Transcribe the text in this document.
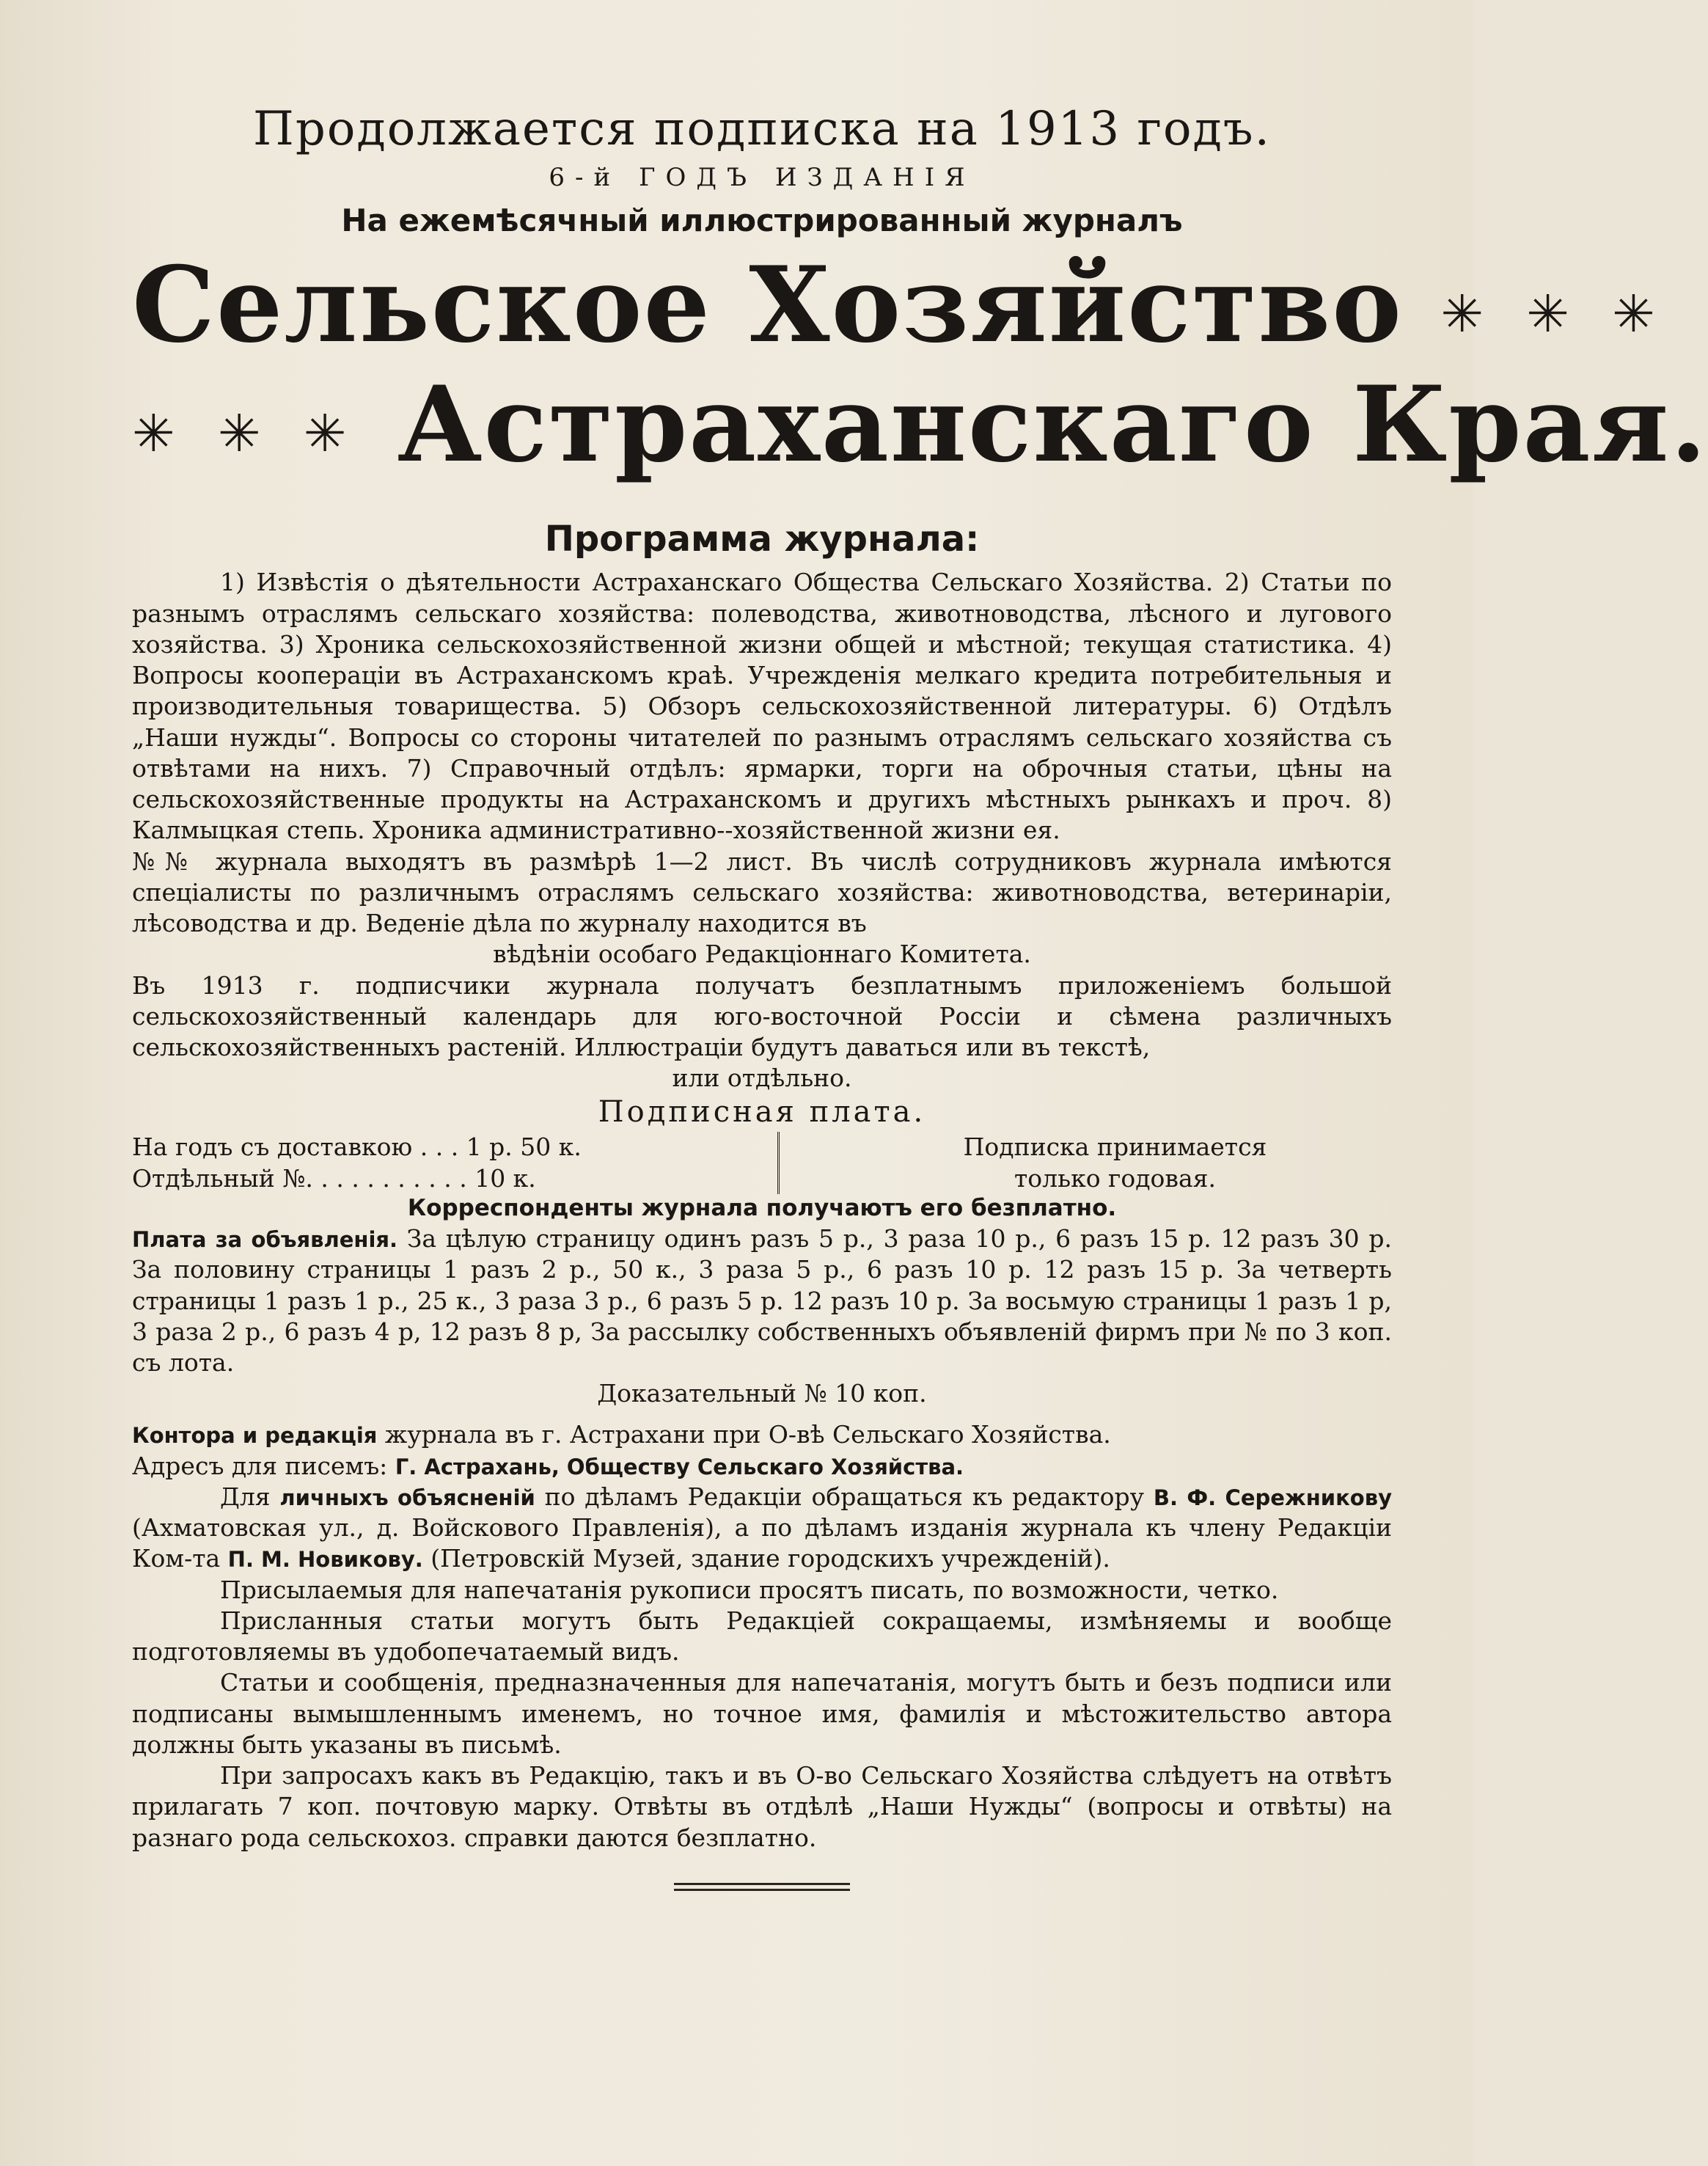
Продолжается подписка на 1913 годъ.

6-й ГОДЪ ИЗДАНІЯ

На ежемѣсячный иллюстрированный журналъ

Сельское Хозяйство ✳ ✳ ✳
✳ ✳ ✳ Астраханскаго Края.

Программа журнала:

1) Извѣстія о дѣятельности Астраханскаго Общества Сельскаго Хозяйства. 2) Статьи по разнымъ отраслямъ сельскаго хозяйства: полеводства, животноводства, лѣсного и лугового хозяйства. 3) Хроника сельскохозяйственной жизни общей и мѣстной; текущая статистика. 4) Вопросы коопераціи въ Астраханскомъ краѣ. Учрежденія мелкаго кредита потребительныя и производительныя товарищества. 5) Обзоръ сельскохозяйственной литературы. 6) Отдѣлъ „Наши нужды“. Вопросы со стороны читателей по разнымъ отраслямъ сельскаго хозяйства съ отвѣтами на нихъ. 7) Справочный отдѣлъ: ярмарки, торги на оброчныя статьи, цѣны на сельскохозяйственные продукты на Астраханскомъ и другихъ мѣстныхъ рынкахъ и проч. 8) Калмыцкая степь. Хроника административно--хозяйственной жизни ея.

№№ журнала выходятъ въ размѣрѣ 1—2 лист. Въ числѣ сотрудниковъ журнала имѣются спеціалисты по различнымъ отраслямъ сельскаго хозяйства: животноводства, ветеринаріи, лѣсоводства и др. Веденіе дѣла по журналу находится въ

вѣдѣніи особаго Редакціоннаго Комитета.

Въ 1913 г. подписчики журнала получатъ безплатнымъ приложеніемъ большой сельскохозяйственный календарь для юго-восточной Россіи и сѣмена различныхъ сельскохозяйственныхъ растеній. Иллюстраціи будутъ даваться или въ текстѣ,

или отдѣльно.

Подписная плата.

На годъ съ доставкою . . . 1 р. 50 к.
Отдѣльный №. . . . . . . . . . . 10 к.
Подписка принимается
только годовая.

Корреспонденты журнала получаютъ его безплатно.

Плата за объявленія. За цѣлую страницу одинъ разъ 5 р., 3 раза 10 р., 6 разъ 15 р. 12 разъ 30 р. За половину страницы 1 разъ 2 р., 50 к., 3 раза 5 р., 6 разъ 10 р. 12 разъ 15 р. За четверть страницы 1 разъ 1 р., 25 к., 3 раза 3 р., 6 разъ 5 р. 12 разъ 10 р. За восьмую страницы 1 разъ 1 р, 3 раза 2 р., 6 разъ 4 р, 12 разъ 8 р, За рассылку собственныхъ объявленій фирмъ при № по 3 коп. съ лота.

Доказательный № 10 коп.

Контора и редакція журнала въ г. Астрахани при О-вѣ Сельскаго Хозяйства.

Адресъ для писемъ: Г. Астрахань, Обществу Сельскаго Хозяйства.

Для личныхъ объясненій по дѣламъ Редакціи обращаться къ редактору В. Ф. Сережникову (Ахматовская ул., д. Войскового Правленія), а по дѣламъ изданія журнала къ члену Редакціи Ком-та П. М. Новикову. (Петровскій Музей, здание городскихъ учрежденій).

Присылаемыя для напечатанія рукописи просятъ писать, по возможности, четко.

Присланныя статьи могутъ быть Редакціей сокращаемы, измѣняемы и вообще подготовляемы въ удобопечатаемый видъ.

Статьи и сообщенія, предназначенныя для напечатанія, могутъ быть и безъ подписи или подписаны вымышленнымъ именемъ, но точное имя, фамилія и мѣстожительство автора должны быть указаны въ письмѣ.

При запросахъ какъ въ Редакцію, такъ и въ О-во Сельскаго Хозяйства слѣдуетъ на отвѣтъ прилагать 7 коп. почтовую марку. Отвѣты въ отдѣлѣ „Наши Нужды“ (вопросы и отвѣты) на разнаго рода сельскохоз. справки даются безплатно.
